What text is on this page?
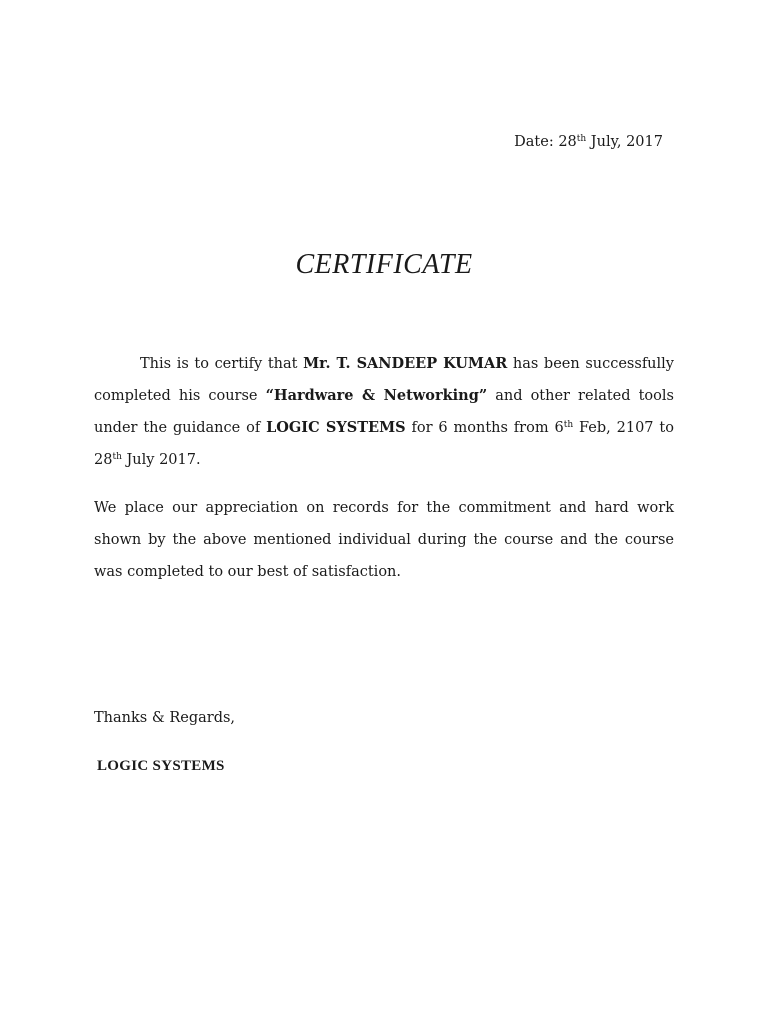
Date: 28th July, 2017
CERTIFICATE
This is to certify that Mr. T. SANDEEP KUMAR has been successfully completed his course “Hardware & Networking” and other related tools under the guidance of LOGIC SYSTEMS for 6 months from 6th Feb, 2107 to 28th July 2017.
We place our appreciation on records for the commitment and hard work shown by the above mentioned individual during the course and the course was completed to our best of satisfaction.
Thanks & Regards,
LOGIC SYSTEMS
